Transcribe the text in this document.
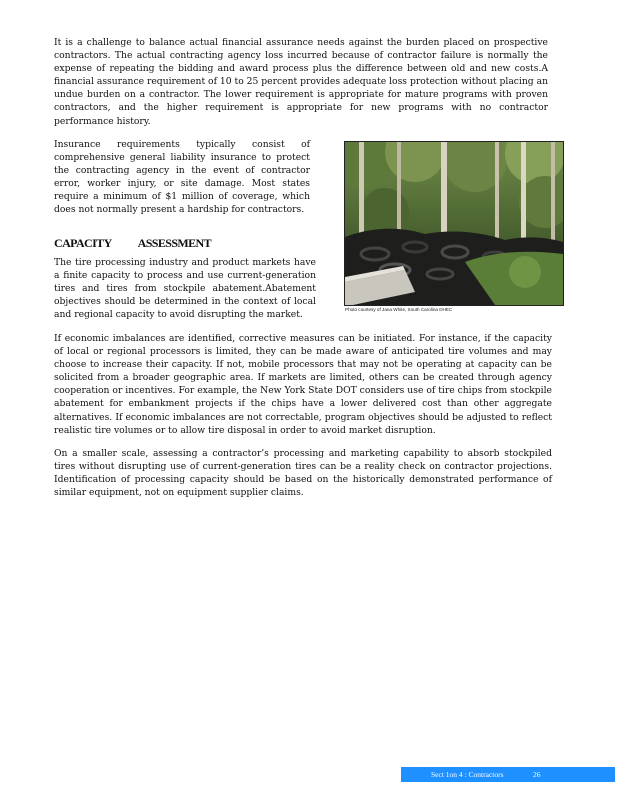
It is a challenge to balance actual financial assurance needs against the burden placed on prospective contractors. The actual contracting agency loss incurred because of contractor failure is normally the expense of repeating the bidding and award process plus the difference between old and new costs.A financial assurance requirement of 10 to 25 percent provides adequate loss protection without placing an undue burden on a contractor. The lower requirement is appropriate for mature programs with proven contractors, and the higher requirement is appropriate for new programs with no contractor performance history.

Insurance requirements typically consist of comprehensive general liability insurance to protect the contracting agency in the event of contractor error, worker injury, or site damage. Most states require a minimum of $1 million of coverage, which does not normally present a hardship for contractors.

CAPACITY ASSESSMENT

The tire processing industry and product markets have a finite capacity to process and use current-generation tires and tires from stockpile abatement.Abatement objectives should be determined in the context of local and regional capacity to avoid disrupting the market.	Photo courtesy of Jana White, South Carolina DHEC

If economic imbalances are identified, corrective measures can be initiated. For instance, if the capacity of local or regional processors is limited, they can be made aware of anticipated tire volumes and may choose to increase their capacity. If not, mobile processors that may not be operating at capacity can be solicited from a broader geographic area. If markets are limited, others can be created through agency cooperation or incentives. For example, the New York State DOT considers use of tire chips from stockpile abatement for embankment projects if the chips have a lower delivered cost than other aggregate alternatives. If economic imbalances are not correctable, program objectives should be adjusted to reflect realistic tire volumes or to allow tire disposal in order to avoid market disruption.

On a smaller scale, assessing a contractor’s processing and marketing capability to absorb stockpiled tires without disrupting use of current-generation tires can be a reality check on contractor projections. Identification of processing capacity should be based on the historically demonstrated performance of similar equipment, not on equipment supplier claims.

Sect 1on 4 : Contractors	26
